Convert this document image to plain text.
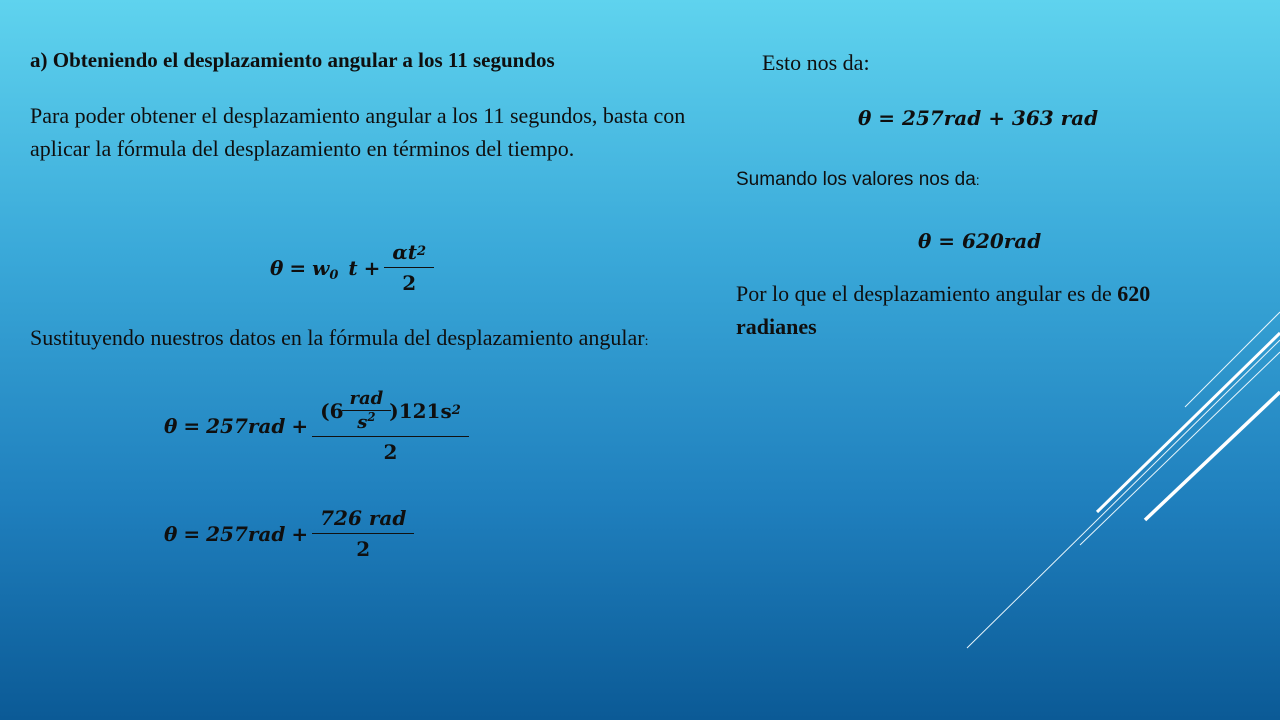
a) Obteniendo el desplazamiento angular a los 11 segundos
Para poder obtener el desplazamiento angular a los 11 segundos, basta con aplicar la fórmula del desplazamiento en términos del tiempo.
$\theta = w_0$ $t + \frac{\alpha t 2}{2}$
Sustituyendo nuestros datos en la fórmula del desplazamiento angular:
θ = 257rad +
$(6 \frac{\text{rad}}{s^2} )121s$ 2
2
$\theta = 257rad + \frac{\text{726 rad}}{2}$
Esto nos da:
θ = 257rad + 363 rad
Sumando los valores nos da:
θ = 620rad
Por lo que el desplazamiento angular es de 620 radianes
